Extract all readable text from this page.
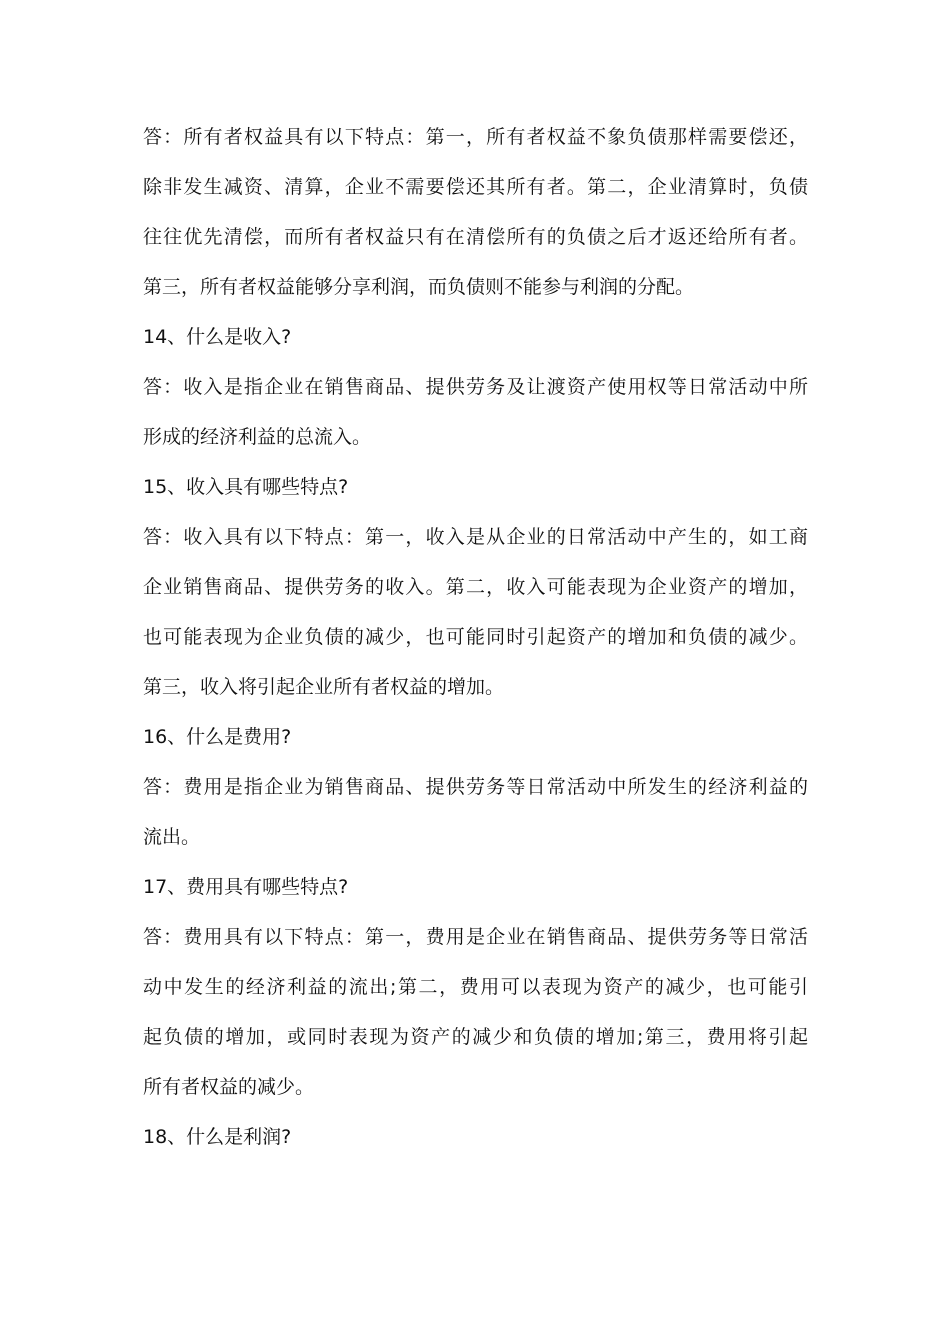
答：所有者权益具有以下特点：第一，所有者权益不象负债那样需要偿还，
除非发生减资、清算，企业不需要偿还其所有者。第二，企业清算时，负债
往往优先清偿，而所有者权益只有在清偿所有的负债之后才返还给所有者。
第三，所有者权益能够分享利润，而负债则不能参与利润的分配。
14、什么是收入?
答：收入是指企业在销售商品、提供劳务及让渡资产使用权等日常活动中所
形成的经济利益的总流入。
15、收入具有哪些特点?
答：收入具有以下特点：第一，收入是从企业的日常活动中产生的，如工商
企业销售商品、提供劳务的收入。第二，收入可能表现为企业资产的增加，
也可能表现为企业负债的减少，也可能同时引起资产的增加和负债的减少。
第三，收入将引起企业所有者权益的增加。
16、什么是费用?
答：费用是指企业为销售商品、提供劳务等日常活动中所发生的经济利益的
流出。
17、费用具有哪些特点?
答：费用具有以下特点：第一，费用是企业在销售商品、提供劳务等日常活
动中发生的经济利益的流出;第二，费用可以表现为资产的减少，也可能引
起负债的增加，或同时表现为资产的减少和负债的增加;第三，费用将引起
所有者权益的减少。
18、什么是利润?
